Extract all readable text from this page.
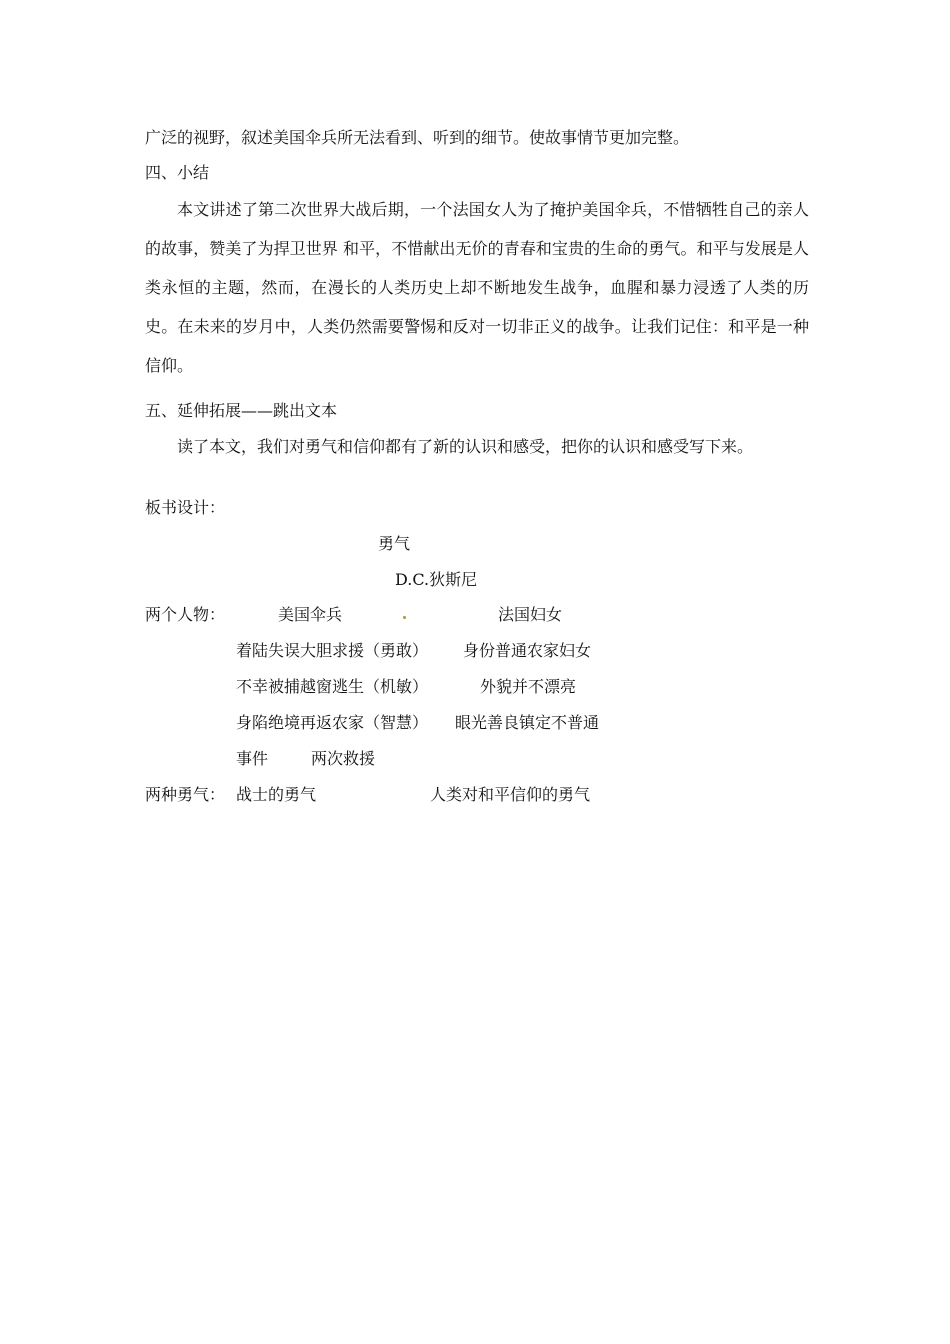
广泛的视野，叙述美国伞兵所无法看到、听到的细节。使故事情节更加完整。
四、小结
本文讲述了第二次世界大战后期，一个法国女人为了掩护美国伞兵，不惜牺牲自己的亲人的故事，赞美了为捍卫世界 和平，不惜献出无价的青春和宝贵的生命的勇气。和平与发展是人类永恒的主题，然而，在漫长的人类历史上却不断地发生战争，血腥和暴力浸透了人类的历史。在未来的岁月中，人类仍然需要警惕和反对一切非正义的战争。让我们记住：和平是一种信仰。
五、延伸拓展——跳出文本
读了本文，我们对勇气和信仰都有了新的认识和感受，把你的认识和感受写下来。
板书设计：
勇气
D.C.狄斯尼
两个人物：	美国伞兵	法国妇女
着陆失误大胆求援（勇敢） 身份普通农家妇女
不幸被捕越窗逃生（机敏）	外貌并不漂亮
身陷绝境再返农家（智慧） 眼光善良镇定不普通
事件	两次救援
两种勇气： 战士的勇气	人类对和平信仰的勇气
